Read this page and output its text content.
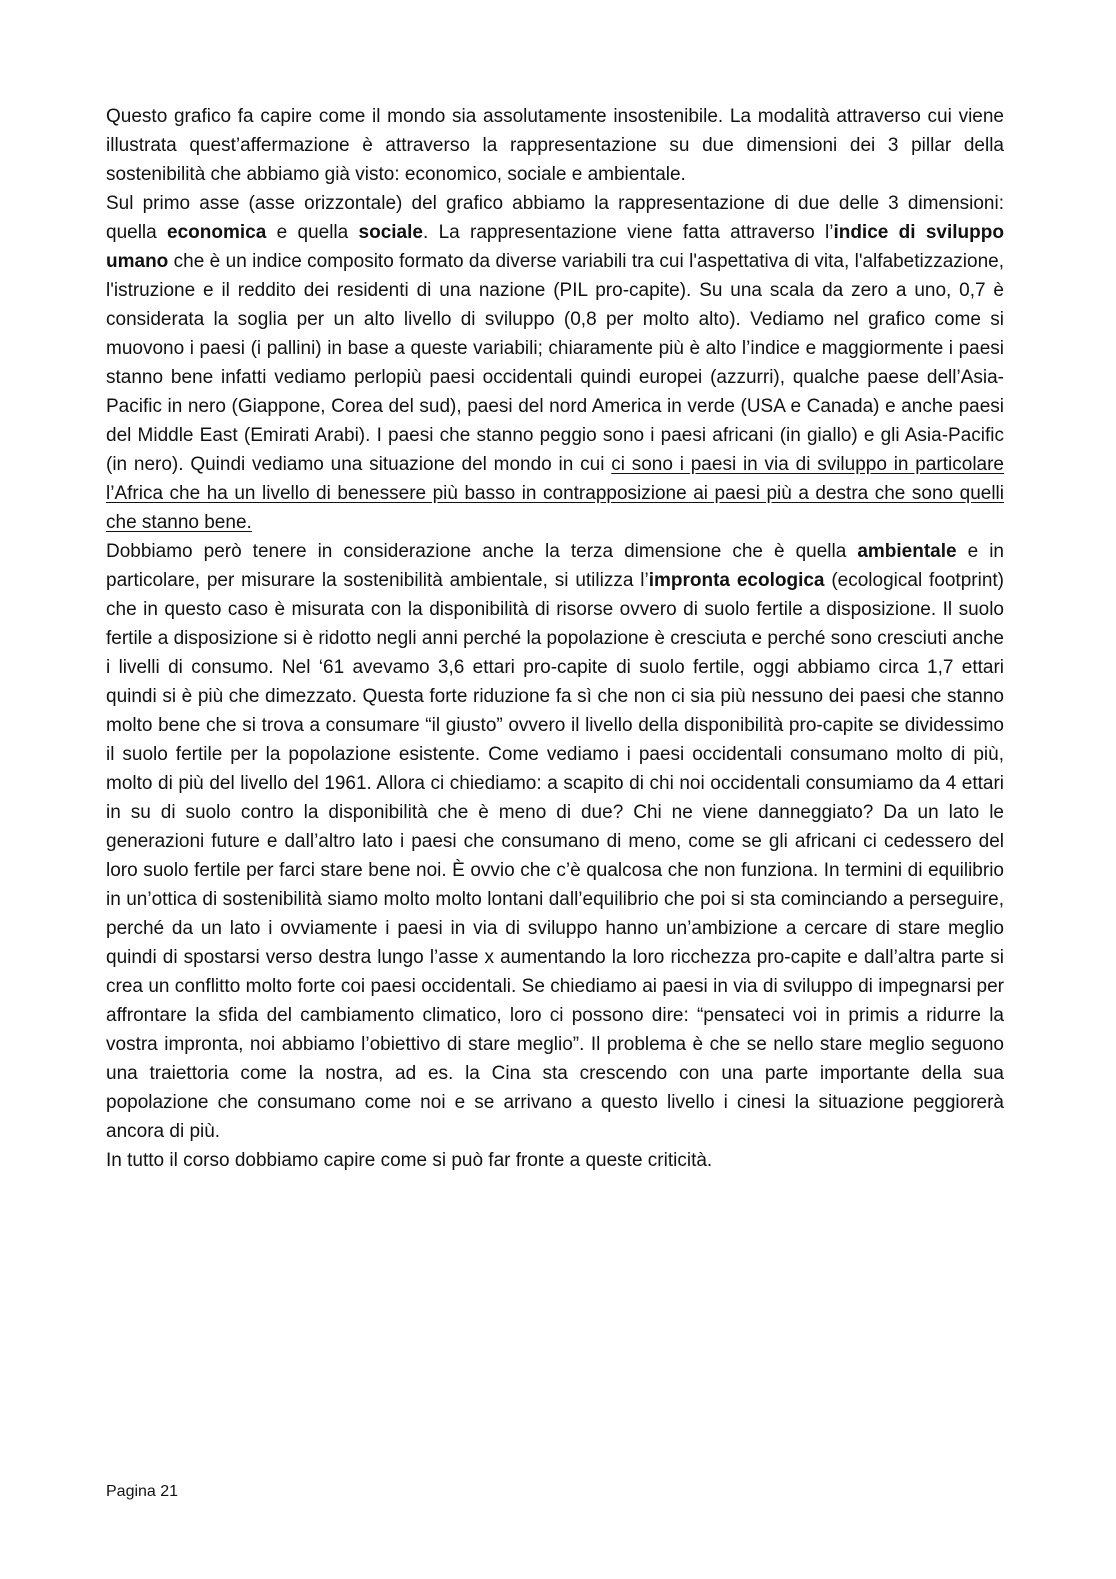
Questo grafico fa capire come il mondo sia assolutamente insostenibile. La modalità attraverso cui viene illustrata quest’affermazione è attraverso la rappresentazione su due dimensioni dei 3 pillar della sostenibilità che abbiamo già visto: economico, sociale e ambientale.

Sul primo asse (asse orizzontale) del grafico abbiamo la rappresentazione di due delle 3 dimensioni: quella economica e quella sociale. La rappresentazione viene fatta attraverso l’indice di sviluppo umano che è un indice composito formato da diverse variabili tra cui l'aspettativa di vita, l'alfabetizzazione, l'istruzione e il reddito dei residenti di una nazione (PIL pro-capite). Su una scala da zero a uno, 0,7 è considerata la soglia per un alto livello di sviluppo (0,8 per molto alto). Vediamo nel grafico come si muovono i paesi (i pallini) in base a queste variabili; chiaramente più è alto l’indice e maggiormente i paesi stanno bene infatti vediamo perlopiù paesi occidentali quindi europei (azzurri), qualche paese dell’Asia-Pacific in nero (Giappone, Corea del sud), paesi del nord America in verde (USA e Canada) e anche paesi del Middle East (Emirati Arabi). I paesi che stanno peggio sono i paesi africani (in giallo) e gli Asia-Pacific (in nero). Quindi vediamo una situazione del mondo in cui ci sono i paesi in via di sviluppo in particolare l’Africa che ha un livello di benessere più basso in contrapposizione ai paesi più a destra che sono quelli che stanno bene.

Dobbiamo però tenere in considerazione anche la terza dimensione che è quella ambientale e in particolare, per misurare la sostenibilità ambientale, si utilizza l’impronta ecologica (ecological footprint) che in questo caso è misurata con la disponibilità di risorse ovvero di suolo fertile a disposizione. Il suolo fertile a disposizione si è ridotto negli anni perché la popolazione è cresciuta e perché sono cresciuti anche i livelli di consumo. Nel ‘61 avevamo 3,6 ettari pro-capite di suolo fertile, oggi abbiamo circa 1,7 ettari quindi si è più che dimezzato. Questa forte riduzione fa sì che non ci sia più nessuno dei paesi che stanno molto bene che si trova a consumare “il giusto” ovvero il livello della disponibilità pro-capite se dividessimo il suolo fertile per la popolazione esistente. Come vediamo i paesi occidentali consumano molto di più, molto di più del livello del 1961. Allora ci chiediamo: a scapito di chi noi occidentali consumiamo da 4 ettari in su di suolo contro la disponibilità che è meno di due? Chi ne viene danneggiato? Da un lato le generazioni future e dall’altro lato i paesi che consumano di meno, come se gli africani ci cedessero del loro suolo fertile per farci stare bene noi. È ovvio che c’è qualcosa che non funziona. In termini di equilibrio in un’ottica di sostenibilità siamo molto molto lontani dall’equilibrio che poi si sta cominciando a perseguire, perché da un lato i ovviamente i paesi in via di sviluppo hanno un’ambizione a cercare di stare meglio quindi di spostarsi verso destra lungo l’asse x aumentando la loro ricchezza pro-capite e dall’altra parte si crea un conflitto molto forte coi paesi occidentali. Se chiediamo ai paesi in via di sviluppo di impegnarsi per affrontare la sfida del cambiamento climatico, loro ci possono dire: “pensateci voi in primis a ridurre la vostra impronta, noi abbiamo l’obiettivo di stare meglio”. Il problema è che se nello stare meglio seguono una traiettoria come la nostra, ad es. la Cina sta crescendo con una parte importante della sua popolazione che consumano come noi e se arrivano a questo livello i cinesi la situazione peggiorerà ancora di più.

In tutto il corso dobbiamo capire come si può far fronte a queste criticità.

Pagina 21
